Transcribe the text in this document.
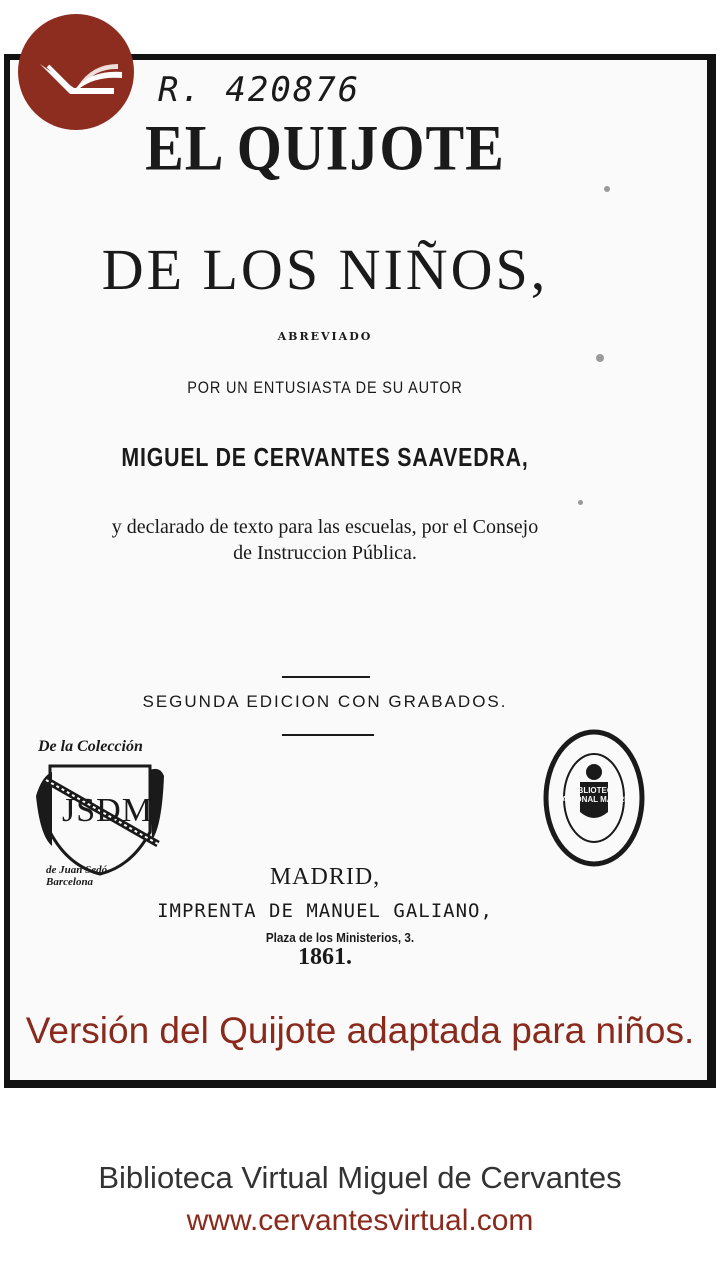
R. 420876
EL QUIJOTE
DE LOS NIÑOS,
ABREVIADO
POR UN ENTUSIASTA DE SU AUTOR
MIGUEL DE CERVANTES SAAVEDRA,
y declarado de texto para las escuelas, por el Consejo
de Instruccion Pública.
SEGUNDA EDICION CON GRABADOS.
De la Colección
JSDM
de Juan Sedó Barcelona
BIBLIOTECA NACIONAL MADRID
MADRID,
IMPRENTA DE MANUEL GALIANO,
Plaza de los Ministerios, 3.
1861.
Versión del Quijote adaptada para niños.
Biblioteca Virtual Miguel de Cervantes
www.cervantesvirtual.com
